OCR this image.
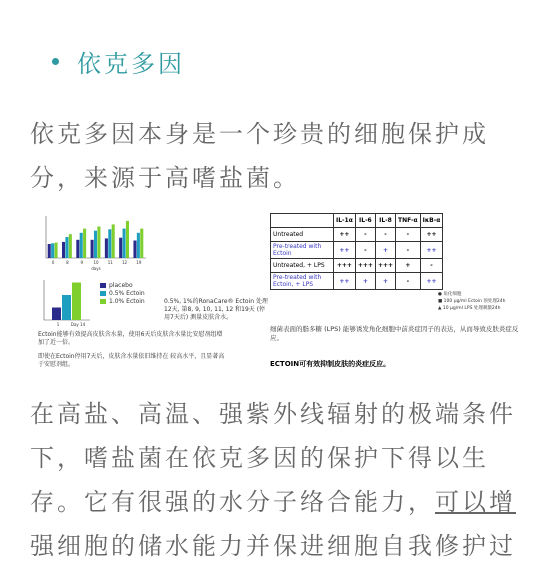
依克多因
依克多因本身是一个珍贵的细胞保护成分，来源于高嗜盐菌。
0	8	9	10 11 12 19
days
1	Day 14
placebo
0.5% Ectoin
1.0% Ectoin	0.5%, 1%的RonaCare® Ectoin 处理12天, 第8, 9, 10, 11, 12 和19天 (停用7天后) 测量皮肤含水。
Ectoin能够有效提高皮肤含水量，使用6天后皮肤含水量比安慰剂组增加了近一倍。
即使在Ectoin停用7天后，皮肤含水量依旧维持在 较高水平，且显著高于安慰剂组。
	IL-1α	IL-6	IL-8	TNF-α	IκB-α
Untreated	++	-	-	-	++
Pre-treated with Ectoin	++	-	+	-	++
Untreated, + LPS	+++	+++	+++	+	-
Pre-treated with Ectoin, + LPS	++	+	+	-	++
● 角化细胞
■ 100 μg/ml Ectoin 预处理24h
▲ 10 μg/ml LPS 处理刺激24h
细菌表面的脂多糖 (LPS) 能够诱发角化细胞中前炎症因子的表达，从而导致皮肤炎症反应。
ECTOIN可有效抑制皮肤的炎症反应。
在高盐、高温、强紫外线辐射的极端条件下，嗜盐菌在依克多因的保护下得以生存。它有很强的水分子络合能力，可以增
强细胞的储水能力并保进细胞自我修护过
